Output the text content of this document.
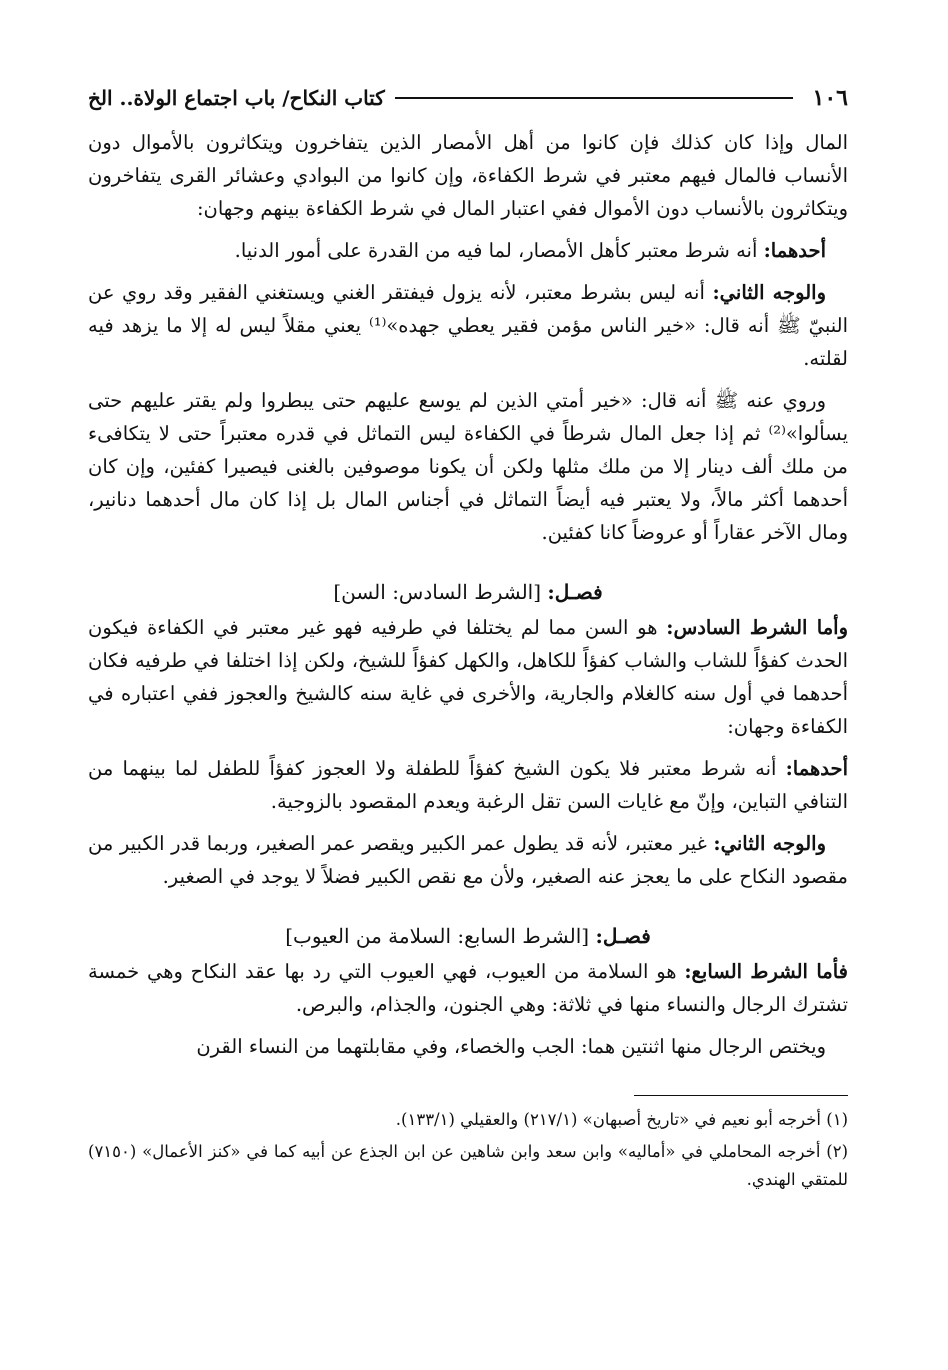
١٠٦
كتاب النكاح/ باب اجتماع الولاة.. الخ

المال وإذا كان كذلك فإن كانوا من أهل الأمصار الذين يتفاخرون ويتكاثرون بالأموال دون الأنساب فالمال فيهم معتبر في شرط الكفاءة، وإن كانوا من البوادي وعشائر القرى يتفاخرون ويتكاثرون بالأنساب دون الأموال ففي اعتبار المال في شرط الكفاءة بينهم وجهان:

أحدهما: أنه شرط معتبر كأهل الأمصار، لما فيه من القدرة على أمور الدنيا.

والوجه الثاني: أنه ليس بشرط معتبر، لأنه يزول فيفتقر الغني ويستغني الفقير وقد روي عن النبيّ ﷺ أنه قال: «خير الناس مؤمن فقير يعطي جهده»⁽¹⁾ يعني مقلاً ليس له إلا ما يزهد فيه لقلته.

وروي عنه ﷺ أنه قال: «خير أمتي الذين لم يوسع عليهم حتى يبطروا ولم يقتر عليهم حتى يسألوا»⁽²⁾ ثم إذا جعل المال شرطاً في الكفاءة ليس التماثل في قدره معتبراً حتى لا يتكافىء من ملك ألف دينار إلا من ملك مثلها ولكن أن يكونا موصوفين بالغنى فيصيرا كفئين، وإن كان أحدهما أكثر مالاً، ولا يعتبر فيه أيضاً التماثل في أجناس المال بل إذا كان مال أحدهما دنانير، ومال الآخر عقاراً أو عروضاً كانا كفئين.

فصـل: [الشرط السادس: السن]

وأما الشرط السادس: هو السن مما لم يختلفا في طرفيه فهو غير معتبر في الكفاءة فيكون الحدث كفؤاً للشاب والشاب كفؤاً للكاهل، والكهل كفؤاً للشيخ، ولكن إذا اختلفا في طرفيه فكان أحدهما في أول سنه كالغلام والجارية، والأخرى في غاية سنه كالشيخ والعجوز ففي اعتباره في الكفاءة وجهان:

أحدهما: أنه شرط معتبر فلا يكون الشيخ كفؤاً للطفلة ولا العجوز كفؤاً للطفل لما بينهما من التنافي التباين، وإنّ مع غايات السن تقل الرغبة ويعدم المقصود بالزوجية.

والوجه الثاني: غير معتبر، لأنه قد يطول عمر الكبير ويقصر عمر الصغير، وربما قدر الكبير من مقصود النكاح على ما يعجز عنه الصغير، ولأن مع نقص الكبير فضلاً لا يوجد في الصغير.

فصـل: [الشرط السابع: السلامة من العيوب]

فأما الشرط السابع: هو السلامة من العيوب، فهي العيوب التي رد بها عقد النكاح وهي خمسة تشترك الرجال والنساء منها في ثلاثة: وهي الجنون، والجذام، والبرص.

ويختص الرجال منها اثنتين هما: الجب والخصاء، وفي مقابلتهما من النساء القرن

(١) أخرجه أبو نعيم في «تاريخ أصبهان» (٢١٧/١) والعقيلي (١٣٣/١).

(٢) أخرجه المحاملي في «أماليه» وابن سعد وابن شاهين عن ابن الجذع عن أبيه كما في «كنز الأعمال» (٧١٥٠) للمتقي الهندي.
